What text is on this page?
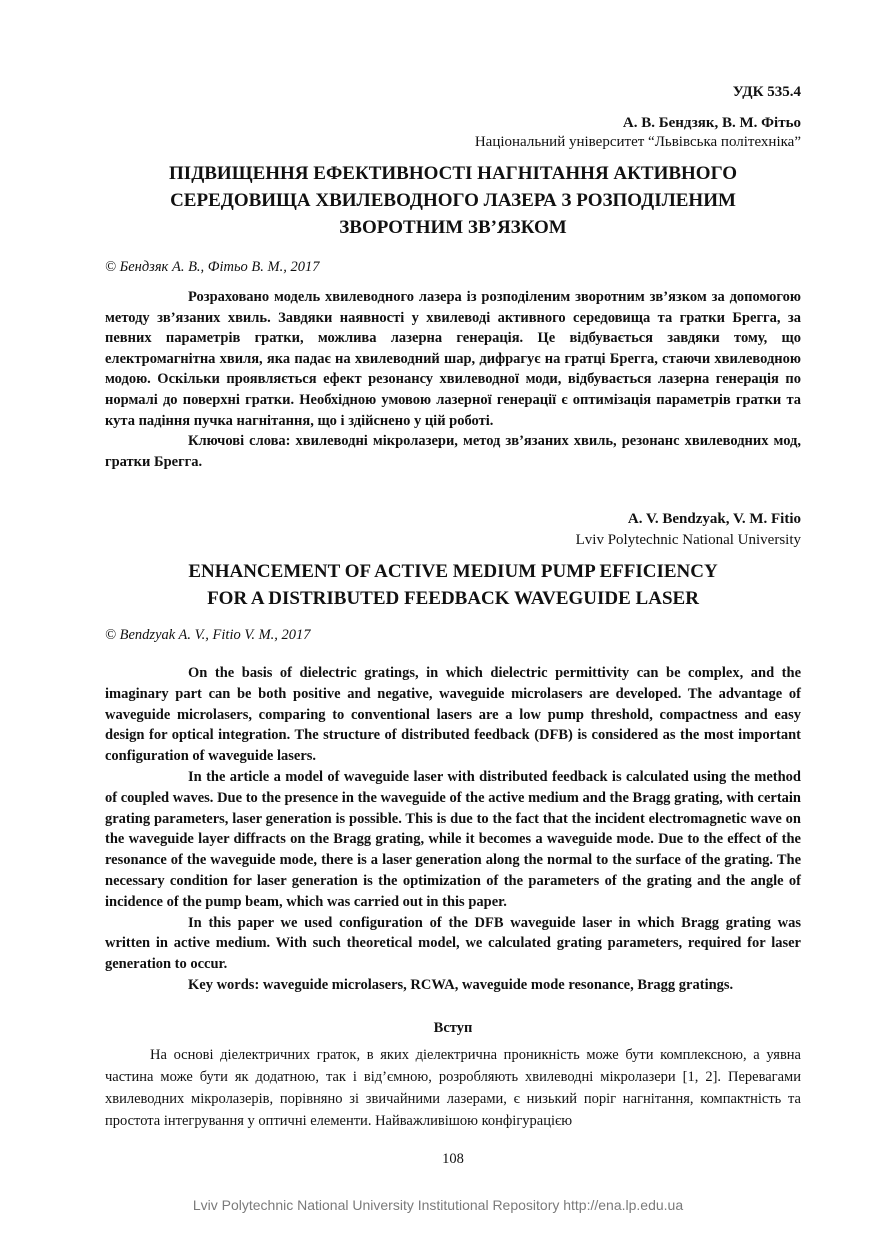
УДК 535.4
А. В. Бендзяк, В. М. Фітьо
Національний університет “Львівська політехніка”
ПІДВИЩЕННЯ ЕФЕКТИВНОСТІ НАГНІТАННЯ АКТИВНОГО
СЕРЕДОВИЩА ХВИЛЕВОДНОГО ЛАЗЕРА З РОЗПОДІЛЕНИМ
ЗВОРОТНИМ ЗВ’ЯЗКОМ
© Бендзяк А. В., Фітьо В. М., 2017

Розраховано модель хвилеводного лазера із розподіленим зворотним зв’язком за допомогою методу зв’язаних хвиль. Завдяки наявності у хвилеводі активного середовища та гратки Брегга, за певних параметрів гратки, можлива лазерна генерація. Це відбувається завдяки тому, що електромагнітна хвиля, яка падає на хвилеводний шар, дифрагує на гратці Брегга, стаючи хвилеводною модою. Оскільки проявляється ефект резонансу хвилеводної моди, відбувається лазерна генерація по нормалі до поверхні гратки. Необхідною умовою лазерної генерації є оптимізація параметрів гратки та кута падіння пучка нагнітання, що і здійснено у цій роботі.

Ключові слова: хвилеводні мікролазери, метод зв’язаних хвиль, резонанс хвилеводних мод, гратки Брегга.

A. V. Bendzyak, V. M. Fitio
Lviv Polytechnic National University
ENHANCEMENT OF ACTIVE MEDIUM PUMP EFFICIENCY
FOR A DISTRIBUTED FEEDBACK WAVEGUIDE LASER
© Bendzyak A. V., Fitio V. M., 2017

On the basis of dielectric gratings, in which dielectric permittivity can be complex, and the imaginary part can be both positive and negative, waveguide microlasers are developed. The advantage of waveguide microlasers, comparing to conventional lasers are a low pump threshold, compactness and easy design for optical integration. The structure of distributed feedback (DFB) is considered as the most important configuration of waveguide lasers.

In the article a model of waveguide laser with distributed feedback is calculated using the method of coupled waves. Due to the presence in the waveguide of the active medium and the Bragg grating, with certain grating parameters, laser generation is possible. This is due to the fact that the incident electromagnetic wave on the waveguide layer diffracts on the Bragg grating, while it becomes a waveguide mode. Due to the effect of the resonance of the waveguide mode, there is a laser generation along the normal to the surface of the grating. The necessary condition for laser generation is the optimization of the parameters of the grating and the angle of incidence of the pump beam, which was carried out in this paper.

In this paper we used configuration of the DFB waveguide laser in which Bragg grating was written in active medium. With such theoretical model, we calculated grating parameters, required for laser generation to occur.

Key words: waveguide microlasers, RCWA, waveguide mode resonance, Bragg gratings.

Вступ

На основі діелектричних граток, в яких діелектрична проникність може бути комплексною, а уявна частина може бути як додатною, так і від’ємною, розробляють хвилеводні мікролазери [1, 2]. Перевагами хвилеводних мікролазерів, порівняно зі звичайними лазерами, є низький поріг нагнітання, компактність та простота інтегрування у оптичні елементи. Найважливішою конфігурацією

108
Lviv Polytechnic National University Institutional Repository http://ena.lp.edu.ua
